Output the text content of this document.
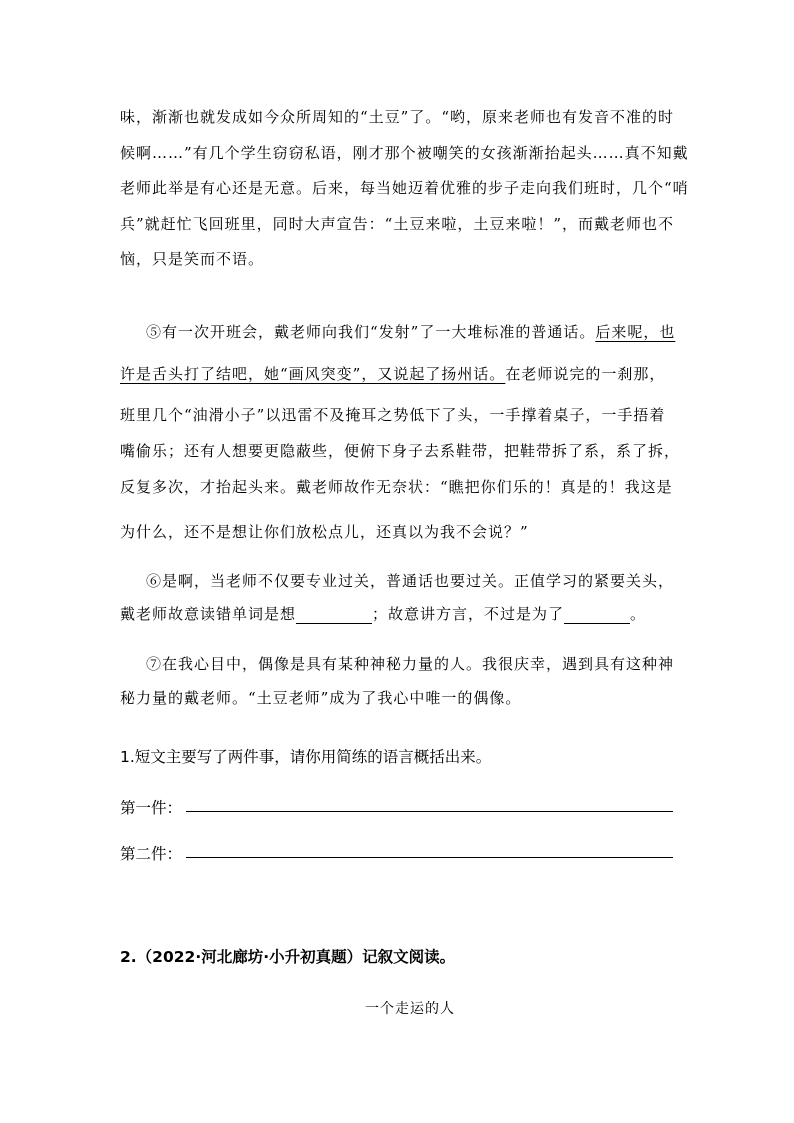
味，渐渐也就发成如今众所周知的“土豆”了。“哟，原来老师也有发音不准的时
候啊……”有几个学生窃窃私语，刚才那个被嘲笑的女孩渐渐抬起头……真不知戴
老师此举是有心还是无意。后来，每当她迈着优雅的步子走向我们班时，几个“哨
兵”就赶忙飞回班里，同时大声宣告：“土豆来啦，土豆来啦！”，而戴老师也不
恼，只是笑而不语。
⑤有一次开班会，戴老师向我们“发射”了一大堆标准的普通话。后来呢，也
许是舌头打了结吧，她“画风突变”，又说起了扬州话。在老师说完的一刹那，
班里几个“油滑小子”以迅雷不及掩耳之势低下了头，一手撑着桌子，一手捂着
嘴偷乐；还有人想要更隐蔽些，便俯下身子去系鞋带，把鞋带拆了系，系了拆，
反复多次，才抬起头来。戴老师故作无奈状：“瞧把你们乐的！真是的！我这是
为什么，还不是想让你们放松点儿，还真以为我不会说？”
⑥是啊，当老师不仅要专业过关，普通话也要过关。正值学习的紧要关头，
戴老师故意读错单词是想	；故意讲方言，不过是为了	。
⑦在我心目中，偶像是具有某种神秘力量的人。我很庆幸，遇到具有这种神
秘力量的戴老师。“土豆老师”成为了我心中唯一的偶像。
1.短文主要写了两件事，请你用简练的语言概括出来。
第一件：
第二件：
2.（2022·河北廊坊·小升初真题）记叙文阅读。
一个走运的人
